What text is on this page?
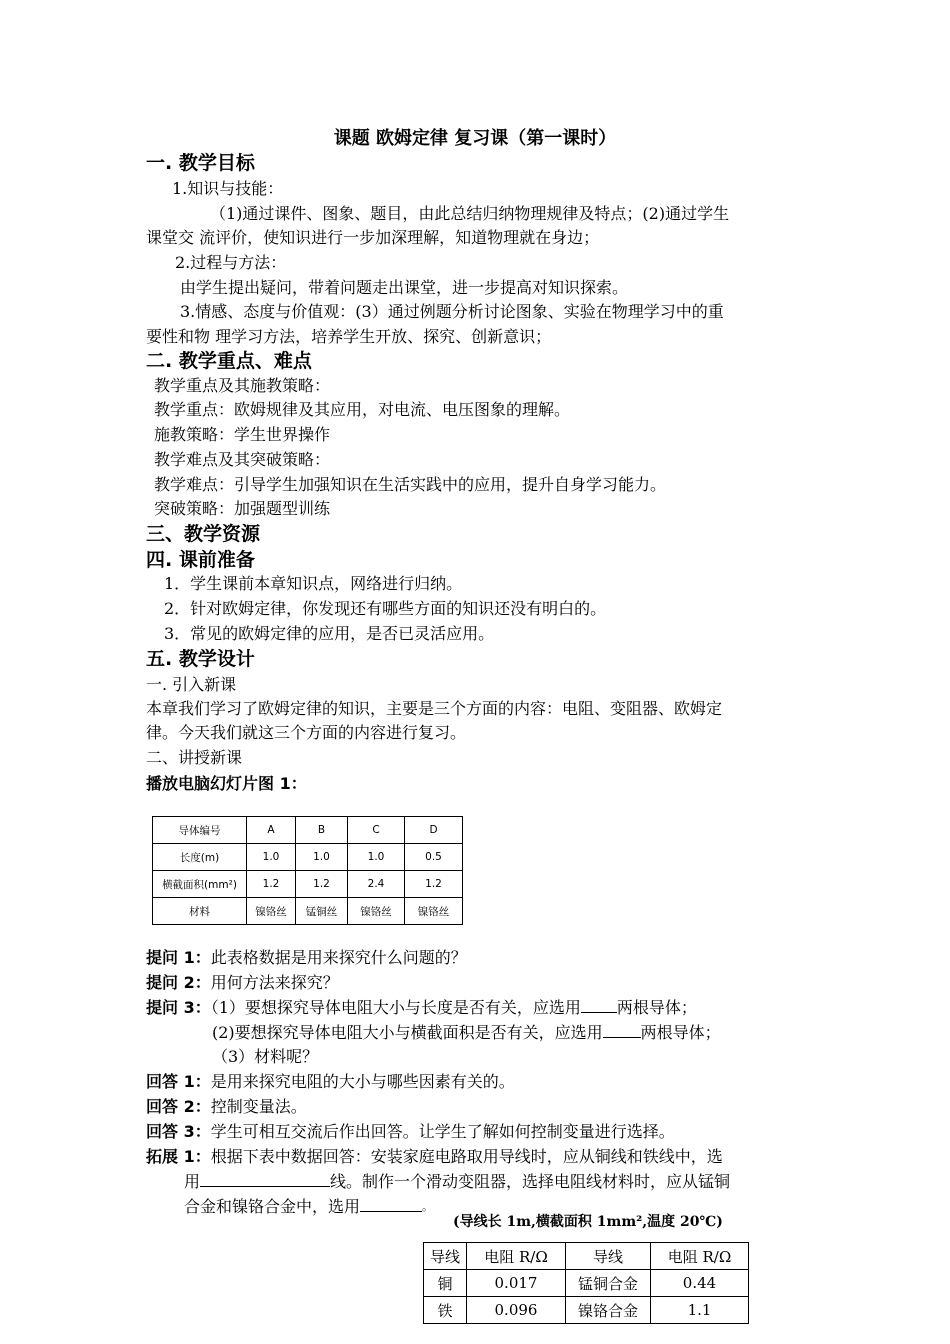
课题 欧姆定律 复习课（第一课时）
一. 教学目标
1.知识与技能：
（1)通过课件、图象、题目，由此总结归纳物理规律及特点；(2)通过学生
课堂交 流评价，使知识进行一步加深理解，知道物理就在身边；
2.过程与方法：
由学生提出疑问，带着问题走出课堂，进一步提高对知识探索。
3.情感、态度与价值观：(3）通过例题分析讨论图象、实验在物理学习中的重
要性和物 理学习方法，培养学生开放、探究、创新意识；
二. 教学重点、难点
教学重点及其施教策略：
教学重点：欧姆规律及其应用，对电流、电压图象的理解。
施教策略：学生世界操作
教学难点及其突破策略：
教学难点：引导学生加强知识在生活实践中的应用，提升自身学习能力。
突破策略：加强题型训练
三、教学资源
四. 课前准备
1．学生课前本章知识点，网络进行归纳。
2．针对欧姆定律，你发现还有哪些方面的知识还没有明白的。
3．常见的欧姆定律的应用，是否已灵活应用。
五. 教学设计
一. 引入新课
本章我们学习了欧姆定律的知识，主要是三个方面的内容：电阻、变阻器、欧姆定
律。今天我们就这三个方面的内容进行复习。
二、讲授新课
播放电脑幻灯片图 1：
导体编号	A	B	C	D
长度(m)	1.0	1.0	1.0	0.5
横截面积(mm²)	1.2	1.2	2.4	1.2
材料	镍铬丝	锰铜丝	镍铬丝	镍铬丝
提问 1：此表格数据是用来探究什么问题的？
提问 2：用何方法来探究？
提问 3：（1）要想探究导体电阻大小与长度是否有关，应选用 两根导体；
(2)要想探究导体电阻大小与横截面积是否有关，应选用 两根导体；
（3）材料呢？
回答 1：是用来探究电阻的大小与哪些因素有关的。
回答 2：控制变量法。
回答 3：学生可相互交流后作出回答。让学生了解如何控制变量进行选择。
拓展 1：根据下表中数据回答：安装家庭电路取用导线时，应从铜线和铁线中，选
用	线。制作一个滑动变阻器，选择电阻线材料时，应从锰铜
合金和镍铬合金中，选用	。
(导线长 1m,横截面积 1mm²,温度 20℃)
导线	电阻 R/Ω	导线	电阻 R/Ω
铜	0.017	锰铜合金	0.44
铁	0.096	镍铬合金	1.1
